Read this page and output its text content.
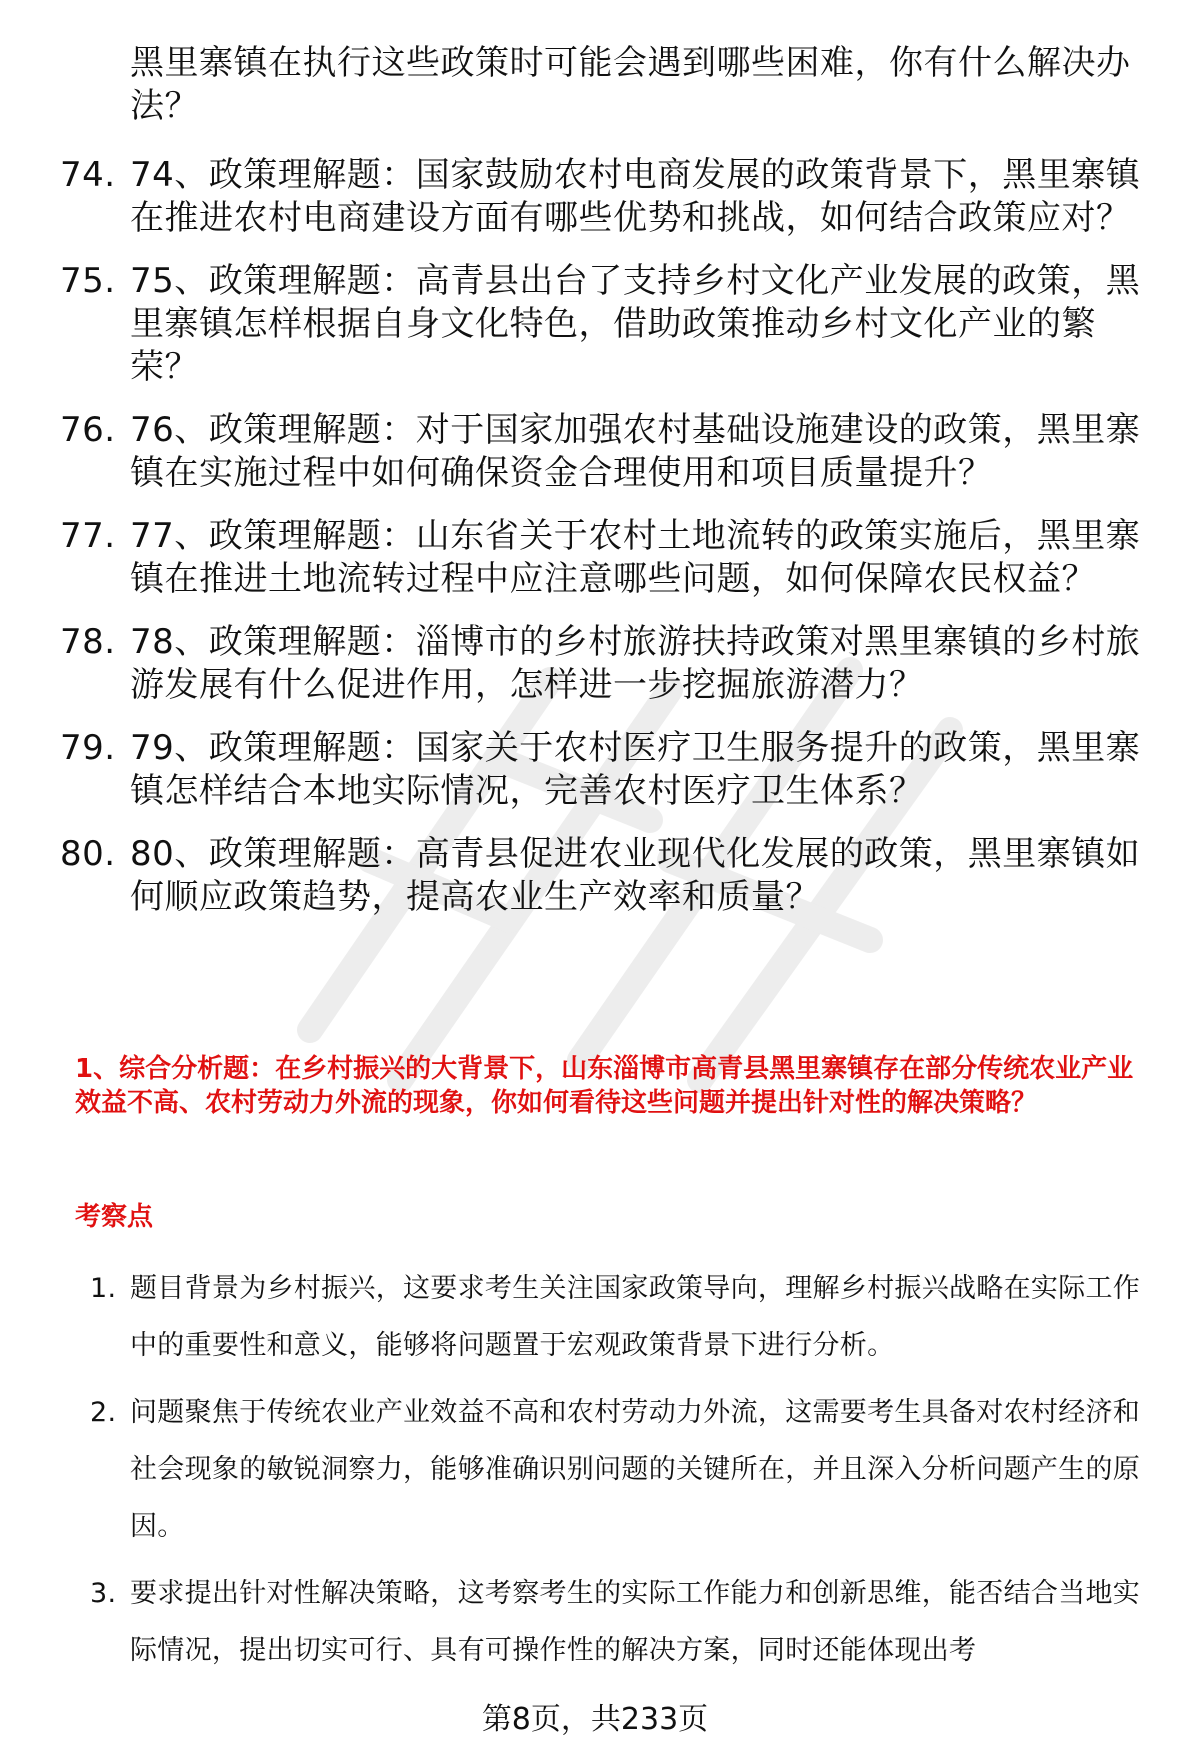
黑里寨镇在执行这些政策时可能会遇到哪些困难，你有什么解决办法？
74. 74、政策理解题：国家鼓励农村电商发展的政策背景下，黑里寨镇在推进农村电商建设方面有哪些优势和挑战，如何结合政策应对？
75. 75、政策理解题：高青县出台了支持乡村文化产业发展的政策，黑里寨镇怎样根据自身文化特色，借助政策推动乡村文化产业的繁荣？
76. 76、政策理解题：对于国家加强农村基础设施建设的政策，黑里寨镇在实施过程中如何确保资金合理使用和项目质量提升？
77. 77、政策理解题：山东省关于农村土地流转的政策实施后，黑里寨镇在推进土地流转过程中应注意哪些问题，如何保障农民权益？
78. 78、政策理解题：淄博市的乡村旅游扶持政策对黑里寨镇的乡村旅游发展有什么促进作用，怎样进一步挖掘旅游潜力？
79. 79、政策理解题：国家关于农村医疗卫生服务提升的政策，黑里寨镇怎样结合本地实际情况，完善农村医疗卫生体系？
80. 80、政策理解题：高青县促进农业现代化发展的政策，黑里寨镇如何顺应政策趋势，提高农业生产效率和质量？
1、综合分析题：在乡村振兴的大背景下，山东淄博市高青县黑里寨镇存在部分传统农业产业效益不高、农村劳动力外流的现象，你如何看待这些问题并提出针对性的解决策略？
考察点
1. 题目背景为乡村振兴，这要求考生关注国家政策导向，理解乡村振兴战略在实际工作中的重要性和意义，能够将问题置于宏观政策背景下进行分析。
2. 问题聚焦于传统农业产业效益不高和农村劳动力外流，这需要考生具备对农村经济和社会现象的敏锐洞察力，能够准确识别问题的关键所在，并且深入分析问题产生的原因。
3. 要求提出针对性解决策略，这考察考生的实际工作能力和创新思维，能否结合当地实际情况，提出切实可行、具有可操作性的解决方案，同时还能体现出考
第8页，共233页
